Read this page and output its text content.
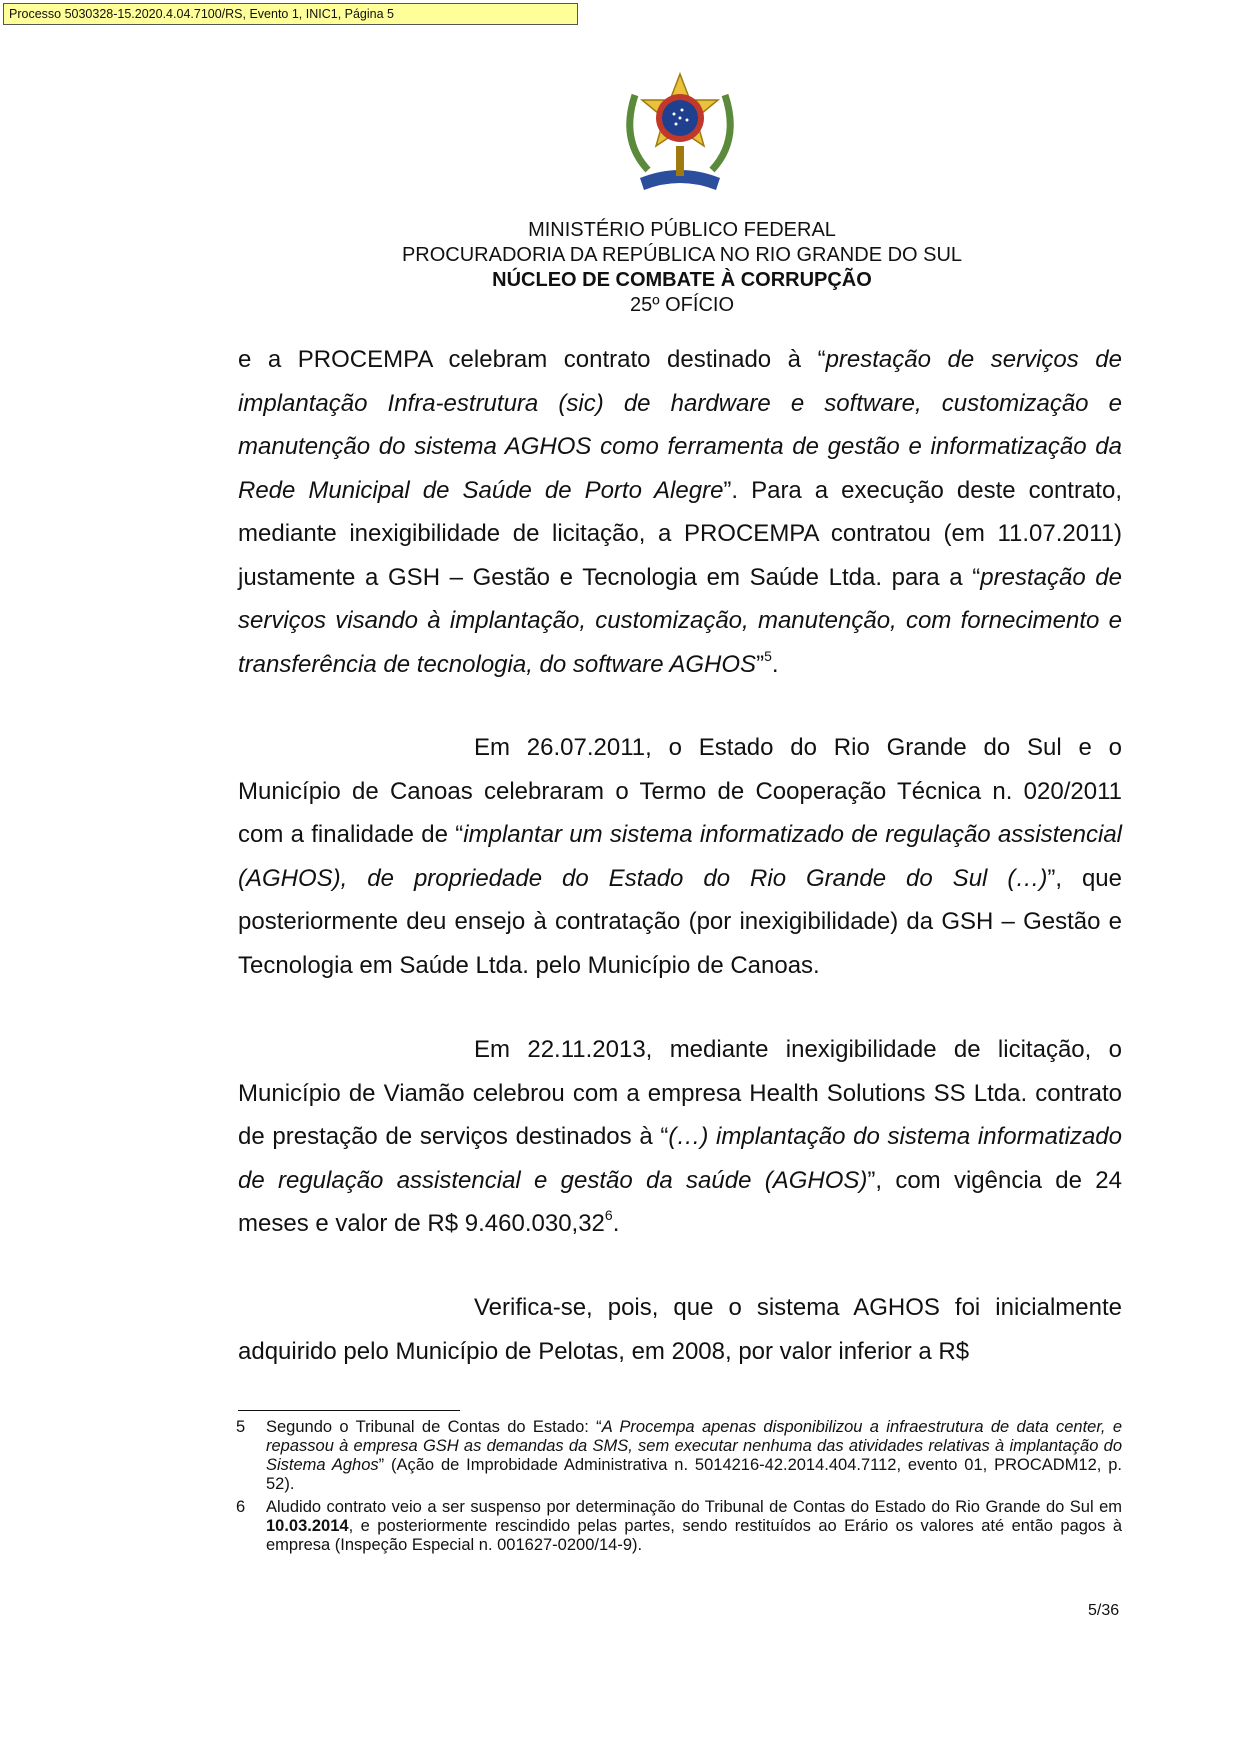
Processo 5030328-15.2020.4.04.7100/RS, Evento 1, INIC1, Página 5
MINISTÉRIO PÚBLICO FEDERAL
PROCURADORIA DA REPÚBLICA NO RIO GRANDE DO SUL
NÚCLEO DE COMBATE À CORRUPÇÃO
25º OFÍCIO

e a PROCEMPA celebram contrato destinado à “prestação de serviços de implantação Infra-estrutura (sic) de hardware e software, customização e manutenção do sistema AGHOS como ferramenta de gestão e informatização da Rede Municipal de Saúde de Porto Alegre”. Para a execução deste contrato, mediante inexigibilidade de licitação, a PROCEMPA contratou (em 11.07.2011) justamente a GSH – Gestão e Tecnologia em Saúde Ltda. para a “prestação de serviços visando à implantação, customização, manutenção, com fornecimento e transferência de tecnologia, do software AGHOS”$^5$.

Em 26.07.2011, o Estado do Rio Grande do Sul e o Município de Canoas celebraram o Termo de Cooperação Técnica n. 020/2011 com a finalidade de “implantar um sistema informatizado de regulação assistencial (AGHOS), de propriedade do Estado do Rio Grande do Sul (…)”, que posteriormente deu ensejo à contratação (por inexigibilidade) da GSH – Gestão e Tecnologia em Saúde Ltda. pelo Município de Canoas.

Em 22.11.2013, mediante inexigibilidade de licitação, o Município de Viamão celebrou com a empresa Health Solutions SS Ltda. contrato de prestação de serviços destinados à “(…) implantação do sistema informatizado de regulação assistencial e gestão da saúde (AGHOS)”, com vigência de 24 meses e valor de R$ 9.460.030,32$^6$.

Verifica-se, pois, que o sistema AGHOS foi inicialmente adquirido pelo Município de Pelotas, em 2008, por valor inferior a R$

5	Segundo o Tribunal de Contas do Estado: “A Procempa apenas disponibilizou a infraestrutura de data center, e repassou à empresa GSH as demandas da SMS, sem executar nenhuma das atividades relativas à implantação do Sistema Aghos” (Ação de Improbidade Administrativa n. 5014216-42.2014.404.7112, evento 01, PROCADM12, p. 52).
6	Aludido contrato veio a ser suspenso por determinação do Tribunal de Contas do Estado do Rio Grande do Sul em 10.03.2014, e posteriormente rescindido pelas partes, sendo restituídos ao Erário os valores até então pagos à empresa (Inspeção Especial n. 001627-0200/14-9).
5/36
